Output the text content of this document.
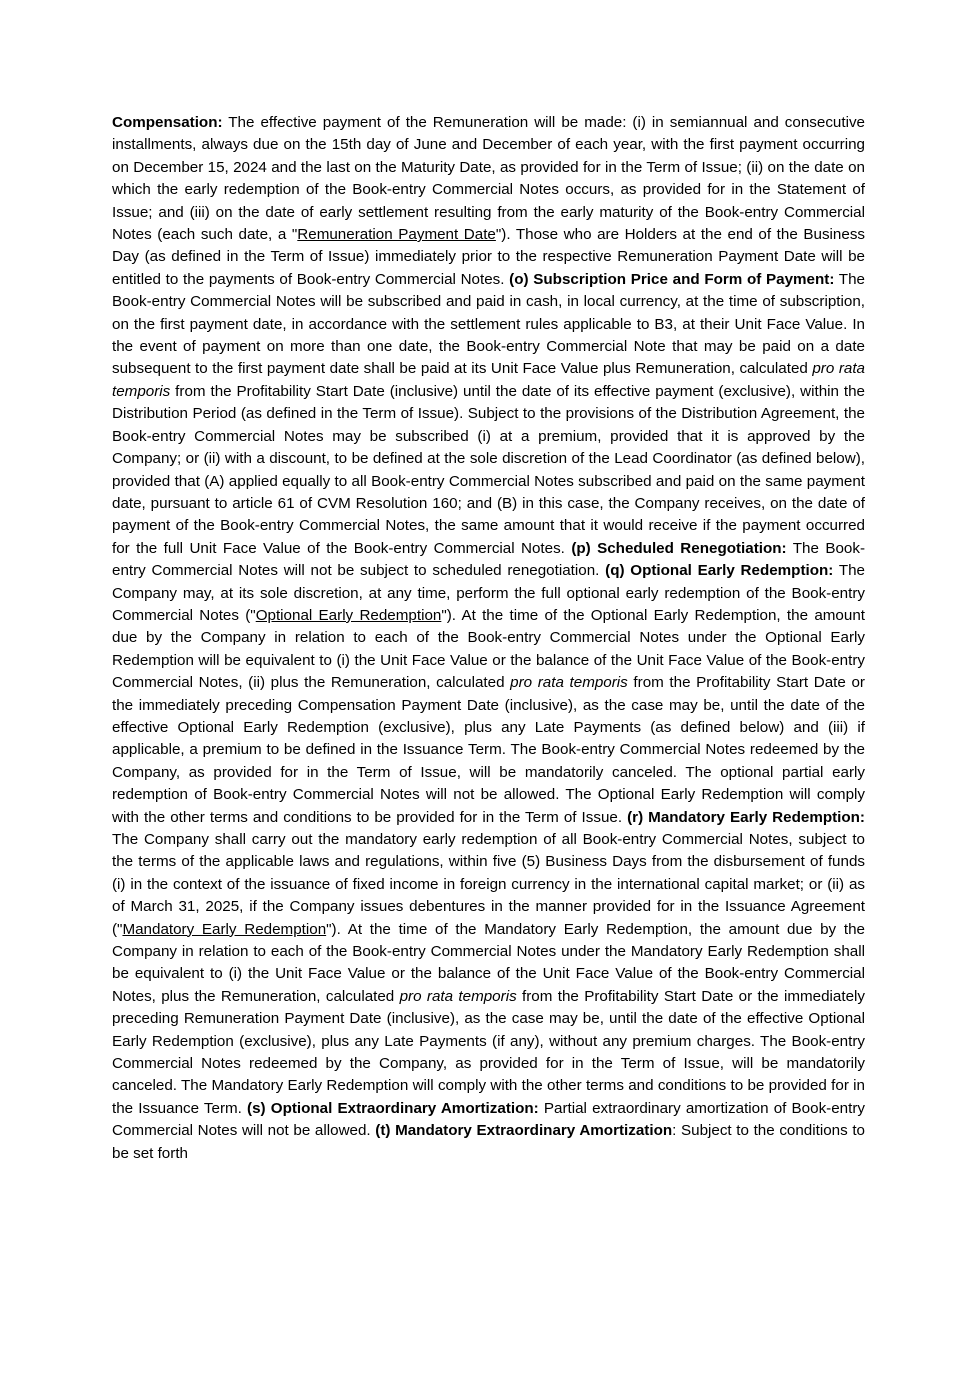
Compensation: The effective payment of the Remuneration will be made: (i) in semiannual and consecutive installments, always due on the 15th day of June and December of each year, with the first payment occurring on December 15, 2024 and the last on the Maturity Date, as provided for in the Term of Issue; (ii) on the date on which the early redemption of the Book-entry Commercial Notes occurs, as provided for in the Statement of Issue; and (iii) on the date of early settlement resulting from the early maturity of the Book-entry Commercial Notes (each such date, a "Remuneration Payment Date"). Those who are Holders at the end of the Business Day (as defined in the Term of Issue) immediately prior to the respective Remuneration Payment Date will be entitled to the payments of Book-entry Commercial Notes. (o) Subscription Price and Form of Payment: The Book-entry Commercial Notes will be subscribed and paid in cash, in local currency, at the time of subscription, on the first payment date, in accordance with the settlement rules applicable to B3, at their Unit Face Value. In the event of payment on more than one date, the Book-entry Commercial Note that may be paid on a date subsequent to the first payment date shall be paid at its Unit Face Value plus Remuneration, calculated pro rata temporis from the Profitability Start Date (inclusive) until the date of its effective payment (exclusive), within the Distribution Period (as defined in the Term of Issue). Subject to the provisions of the Distribution Agreement, the Book-entry Commercial Notes may be subscribed (i) at a premium, provided that it is approved by the Company; or (ii) with a discount, to be defined at the sole discretion of the Lead Coordinator (as defined below), provided that (A) applied equally to all Book-entry Commercial Notes subscribed and paid on the same payment date, pursuant to article 61 of CVM Resolution 160; and (B) in this case, the Company receives, on the date of payment of the Book-entry Commercial Notes, the same amount that it would receive if the payment occurred for the full Unit Face Value of the Book-entry Commercial Notes. (p) Scheduled Renegotiation: The Book-entry Commercial Notes will not be subject to scheduled renegotiation. (q) Optional Early Redemption: The Company may, at its sole discretion, at any time, perform the full optional early redemption of the Book-entry Commercial Notes ("Optional Early Redemption"). At the time of the Optional Early Redemption, the amount due by the Company in relation to each of the Book-entry Commercial Notes under the Optional Early Redemption will be equivalent to (i) the Unit Face Value or the balance of the Unit Face Value of the Book-entry Commercial Notes, (ii) plus the Remuneration, calculated pro rata temporis from the Profitability Start Date or the immediately preceding Compensation Payment Date (inclusive), as the case may be, until the date of the effective Optional Early Redemption (exclusive), plus any Late Payments (as defined below) and (iii) if applicable, a premium to be defined in the Issuance Term. The Book-entry Commercial Notes redeemed by the Company, as provided for in the Term of Issue, will be mandatorily canceled. The optional partial early redemption of Book-entry Commercial Notes will not be allowed. The Optional Early Redemption will comply with the other terms and conditions to be provided for in the Term of Issue. (r) Mandatory Early Redemption: The Company shall carry out the mandatory early redemption of all Book-entry Commercial Notes, subject to the terms of the applicable laws and regulations, within five (5) Business Days from the disbursement of funds (i) in the context of the issuance of fixed income in foreign currency in the international capital market; or (ii) as of March 31, 2025, if the Company issues debentures in the manner provided for in the Issuance Agreement ("Mandatory Early Redemption"). At the time of the Mandatory Early Redemption, the amount due by the Company in relation to each of the Book-entry Commercial Notes under the Mandatory Early Redemption shall be equivalent to (i) the Unit Face Value or the balance of the Unit Face Value of the Book-entry Commercial Notes, plus the Remuneration, calculated pro rata temporis from the Profitability Start Date or the immediately preceding Remuneration Payment Date (inclusive), as the case may be, until the date of the effective Optional Early Redemption (exclusive), plus any Late Payments (if any), without any premium charges. The Book-entry Commercial Notes redeemed by the Company, as provided for in the Term of Issue, will be mandatorily canceled. The Mandatory Early Redemption will comply with the other terms and conditions to be provided for in the Issuance Term. (s) Optional Extraordinary Amortization: Partial extraordinary amortization of Book-entry Commercial Notes will not be allowed. (t) Mandatory Extraordinary Amortization: Subject to the conditions to be set forth
